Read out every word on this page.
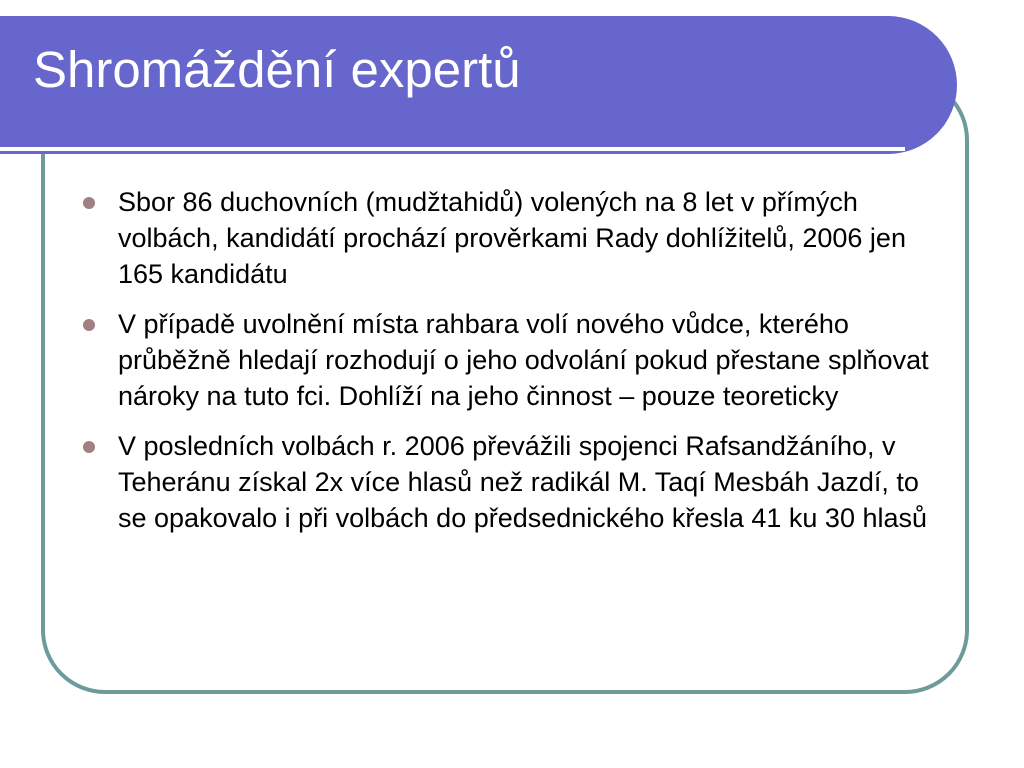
Shromáždění expertů
Sbor 86 duchovních (mudžtahidů) volených na 8 let v přímých volbách, kandidátí prochází prověrkami Rady dohlížitelů, 2006 jen 165 kandidátu
V případě uvolnění místa rahbara volí nového vůdce, kterého průběžně hledají rozhodují o jeho odvolání pokud přestane splňovat nároky na tuto fci. Dohlíží na jeho činnost – pouze teoreticky
V posledních volbách r. 2006 převážili spojenci Rafsandžáního, v Teheránu získal 2x více hlasů než radikál M. Taqí Mesbáh Jazdí, to se opakovalo i při volbách do předsednického křesla 41 ku 30 hlasů
